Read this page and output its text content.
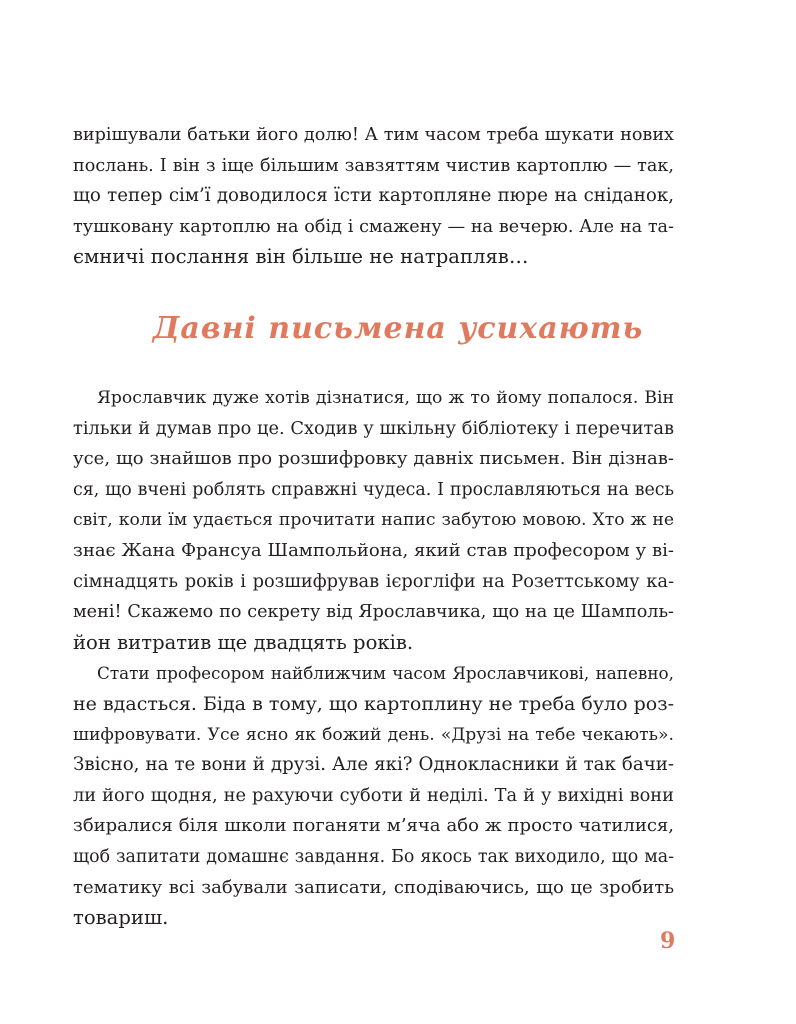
вирішували батьки його долю! А тим часом треба шукати нових
послань. І він з іще більшим завзяттям чистив картоплю — так,
що тепер сім’ї доводилося їсти картопляне пюре на сніданок,
тушковану картоплю на обід і смажену — на вечерю. Але на та-
ємничі послання він більше не натрапляв…
Давні письмена усихають
Ярославчик дуже хотів дізнатися, що ж то йому попалося. Він
тільки й думав про це. Сходив у шкільну бібліотеку і перечитав
усе, що знайшов про розшифровку давніх письмен. Він дізнав-
ся, що вчені роблять справжні чудеса. І прославляються на весь
світ, коли їм удається прочитати напис забутою мовою. Хто ж не
знає Жана Франсуа Шампольйона, який став професором у ві-
сімнадцять років і розшифрував ієрогліфи на Розеттському ка-
мені! Скажемо по секрету від Ярославчика, що на це Шамполь-
йон витратив ще двадцять років.
Стати професором найближчим часом Ярославчикові, напевно,
не вдасться. Біда в тому, що картоплину не треба було роз-
шифровувати. Усе ясно як божий день. «Друзі на тебе чекають».
Звісно, на те вони й друзі. Але які? Однокласники й так бачи-
ли його щодня, не рахуючи суботи й неділі. Та й у вихідні вони
збиралися біля школи поганяти м’яча або ж просто чатилися,
щоб запитати домашнє завдання. Бо якось так виходило, що ма-
тематику всі забували записати, сподіваючись, що це зробить
товариш.
9
